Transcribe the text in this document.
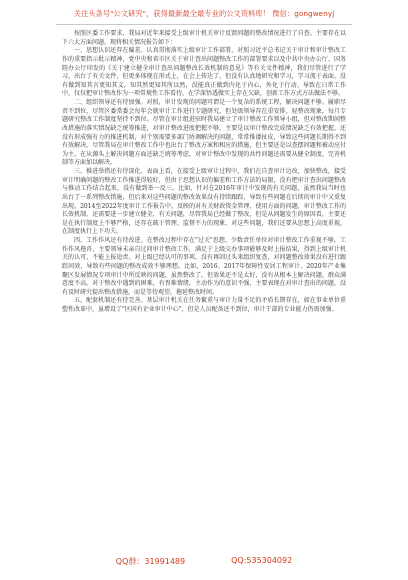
关注头条号"公文研究"，获得最新最全最专业的公文资料库！ 微信：gongwenyj

按照区委工作要求，我局对近年来接受上级审计机关审计反馈问题的整改情况进行了自查。主要存在以下六大方面问题。现将相关情况报告如下：

一、思想认识还存在偏差。认真贯彻落实上级审计工作部署，对照习近平总书记关于审计和审计整改工作的重要指示批示精神，党中央和省市区关于审计查出问题整改工作的部署要求以及中共中央办公厅、国务院办公厅印发的《关于建立健全审计查出问题整改长效机制的意见》等有关文件精神，我们尽管进行了学习，出台了有关文件，但更多体现在形式上，在会上传达了，但没有认真地研究和学习，学习流于表面，没有做到知其言更知其义，知其然更知其所以然，没能真正做到内化于内心，外化于行动。导致在日常工作中，仅仅把审计整改作为一项常规性工作看待，在学深悟透做实上存在欠缺，创新工作方式方法做法不够。

二、组织领导还有待加强。对照，审计发现的问题可谓是一个复杂的系统工程，解决问题不够。履职尽责不到位，尽管区委常委会每年会就审计工作进行专题研究，但处级领导存在重安排、轻整改现象，每月专题研究整改工作制度坚持不到位。尽管在审计组进驻时我局建立了审计整改工作领导小组，但对整改期间整改措施的落实情况缺乏统筹推进，对审计整改进度把握不够，主要是以审计整改完成情况缺乏有效把握，还没有形成强有力的推进机制，对个别需要多部门协调解决的问题，常常推诿扯皮，导致这些问题长期得不到有效解决。尽管我局在审计整改工作中也出台了整改方案和相应的措施，但主要还是以查摆问题和被动应付为主，在从源头上解决问题方面还缺乏统筹考虑，对审计整改中发现的共性问题还需要从健全制度、完善机制等方面加以解决。

三、推进举措还有待深化。表面上看，在接受上级审计过程中，我们在自查审计边改，加快整改，接受审计明确问题的整改工作推进得较好，但由于思想认识的偏差和工作方法的局限，没有把审计查出问题整改与推动工作结合起来，没有做到举一反三。比如，针对在2016年审计中发现的有关问题，虽然我局当时也出台了一系列整改措施，但后来对这些问题的整改效果没有持续跟踪，导致有些问题在后续的审计中又重复出现。2014至2022年度审计工作报告中，反映的对有关财政资金管理、使用方面的问题，审计整改工作的长效机制，还需要进一步建立健全，有关问题，尽管我局已经做了整改，但是从问题发生的原因看，主要还是在执行制度上不够严格，还存在疏于管理、监督不力的现象，对这些问题，我们还要从思想上高度重视，在制度执行上下功夫。

四、工作作风还有待改进。在整改过程中存在"过关"思想，少数责任单位对审计整改工作重视不够，工作作风拖沓，主要领导未亲自过问审计整改工作，满足于上级交办事项能够及时上报结果，得到上级审计机关的认可，不能上报追责。对上级已经认可的事项，没有再回过头来组织复查，对问题整改效果没有进行跟踪问效，导致有些问题的整改成效不够理想。比如，2016、2017年保障性安居工程审计、2020年产业集聚区发展情况专项审计中所反映的问题，虽然整改了，但效果还不是太好，没有从根本上解决问题，群众满意度不高。对于整改中遇到的困难，有畏难情绪，主动作为的意识不强，主要表现在对审计查出的问题，没有及时研究提出整改措施，而是等待观望，拖延整改时间。

五、配套机制还有待完善。基层审计机关在任务繁重与审计力量不足的矛盾长期存在，如在事业单位重塑性改革中，虽增设了"区国有企业审计中心"，但是人员配备还不到位，审计干部的专业能力仍需加强。

QQ群：31991489	QQ:535304092
